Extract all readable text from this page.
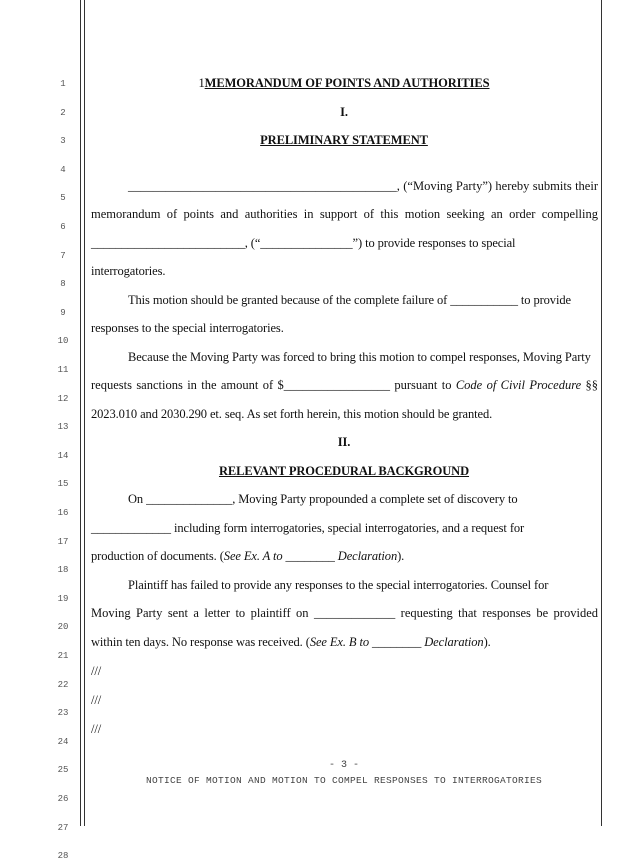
1
2
3
4
5
6
7
8
9
10
11
12
13
14
15
16
17
18
19
20
21
22
23
24
25
26
27
28
1MEMORANDUM OF POINTS AND AUTHORITIES
I.
PRELIMINARY STATEMENT
___________________________________________, (“Moving Party”) hereby submits their
memorandum of points and authorities in support of this motion seeking an order compelling
_________________________, (“_______________”) to provide responses to special
interrogatories.
This motion should be granted because of the complete failure of ___________ to provide
responses to the special interrogatories.
Because the Moving Party was forced to bring this motion to compel responses, Moving Party
requests sanctions in the amount of $_________________ pursuant to Code of Civil Procedure §§
2023.010 and 2030.290 et. seq. As set forth herein, this motion should be granted.
II.
RELEVANT PROCEDURAL BACKGROUND
On ______________, Moving Party propounded a complete set of discovery to
_____________ including form interrogatories, special interrogatories, and a request for
production of documents. (See Ex. A to ________ Declaration).
Plaintiff has failed to provide any responses to the special interrogatories. Counsel for
Moving Party sent a letter to plaintiff on _____________ requesting that responses be provided
within ten days. No response was received. (See Ex. B to ________ Declaration).
///
///
///
- 3 -
NOTICE OF MOTION AND MOTION TO COMPEL RESPONSES TO INTERROGATORIES
